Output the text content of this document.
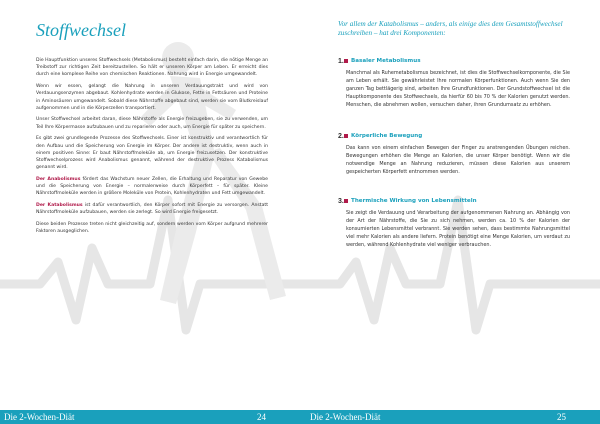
Stoffwechsel

Die Hauptfunktion unseres Stoffwechsels (Metabolismus) besteht einfach darin, die nötige Menge an Treibstoff zur richtigen Zeit bereitzustellen. So hält er unseren Körper am Leben. Er erreicht dies durch eine komplexe Reihe von chemischen Reaktionen. Nahrung wird in Energie umgewandelt.

Wenn wir essen, gelangt die Nahrung in unseren Verdauungstrakt und wird von Verdauungsenzymen abgebaut. Kohlenhydrate werden in Glukose, Fette in Fettsäuren und Proteine in Aminosäuren umgewandelt. Sobald diese Nährstoffe abgebaut sind, werden sie vom Blutkreislauf aufgenommen und in die Körperzellen transportiert.

Unser Stoffwechsel arbeitet daran, diese Nährstoffe als Energie freizugeben, sie zu verwenden, um Teil Ihre Körpermasse aufzubauen und zu reparieren oder auch, um Energie für später zu speichern.

Es gibt zwei grundlegende Prozesse des Stoffwechsels. Einer ist konstruktiv und verantwortlich für den Aufbau und die Speicherung von Energie im Körper. Der andere ist destruktiv, wenn auch in einem positiven Sinne: Er baut Nährstoffmoleküle ab, um Energie freizusetzen. Der konstruktive Stoffwechselprozess wird Anabolismus genannt, während der destruktive Prozess Katabolismus genannt wird.

Der Anabolismus fördert das Wachstum neuer Zellen, die Erhaltung und Reparatur von Gewebe und die Speicherung von Energie – normalerweise durch Körperfett – für später. Kleine Nährstoffmoleküle werden in größere Moleküle von Protein, Kohlenhydraten und Fett umgewandelt.

Der Katabolismus ist dafür verantwortlich, den Körper sofort mit Energie zu versorgen. Anstatt Nährstoffmoleküle aufzubauen, werden sie zerlegt. So wird Energie freigesetzt.

Diese beiden Prozesse treten nicht gleichzeitig auf, sondern werden vom Körper aufgrund mehrerer Faktoren ausgeglichen.

Die 2-Wochen-Diät	24

Vor allem der Katabolismus – anders, als einige dies dem Gesamtstoffwechsel zuschreiben – hat drei Komponenten:

1. Basaler Metabolismus

Manchmal als Ruhemetabolismus bezeichnet, ist dies die Stoffwechselkomponente, die Sie am Leben erhält. Sie gewährleistet Ihre normalen Körperfunktionen. Auch wenn Sie den ganzen Tag bettlägerig sind, arbeiten Ihre Grundfunktionen. Der Grundstoffwechsel ist die Hauptkomponente des Stoffwechsels, da hierfür 60 bis 70 % der Kalorien genutzt werden. Menschen, die abnehmen wollen, versuchen daher, ihren Grundumsatz zu erhöhen.

2. Körperliche Bewegung

Das kann von einem einfachen Bewegen der Finger zu anstrengenden Übungen reichen. Bewegungen erhöhen die Menge an Kalorien, die unser Körper benötigt. Wenn wir die notwendige Menge an Nahrung reduzieren, müssen diese Kalorien aus unserem gespeicherten Körperfett entnommen werden.

3. Thermische Wirkung von Lebensmitteln

Sie zeigt die Verdauung und Verarbeitung der aufgenommenen Nahrung an. Abhängig von der Art der Nährstoffe, die Sie zu sich nehmen, werden ca. 10 % der Kalorien der konsumierten Lebensmittel verbrannt. Sie werden sehen, dass bestimmte Nahrungsmittel viel mehr Kalorien als andere liefern. Protein benötigt eine Menge Kalorien, um verdaut zu werden, während Kohlenhydrate viel weniger verbrauchen.

Die 2-Wochen-Diät	25
